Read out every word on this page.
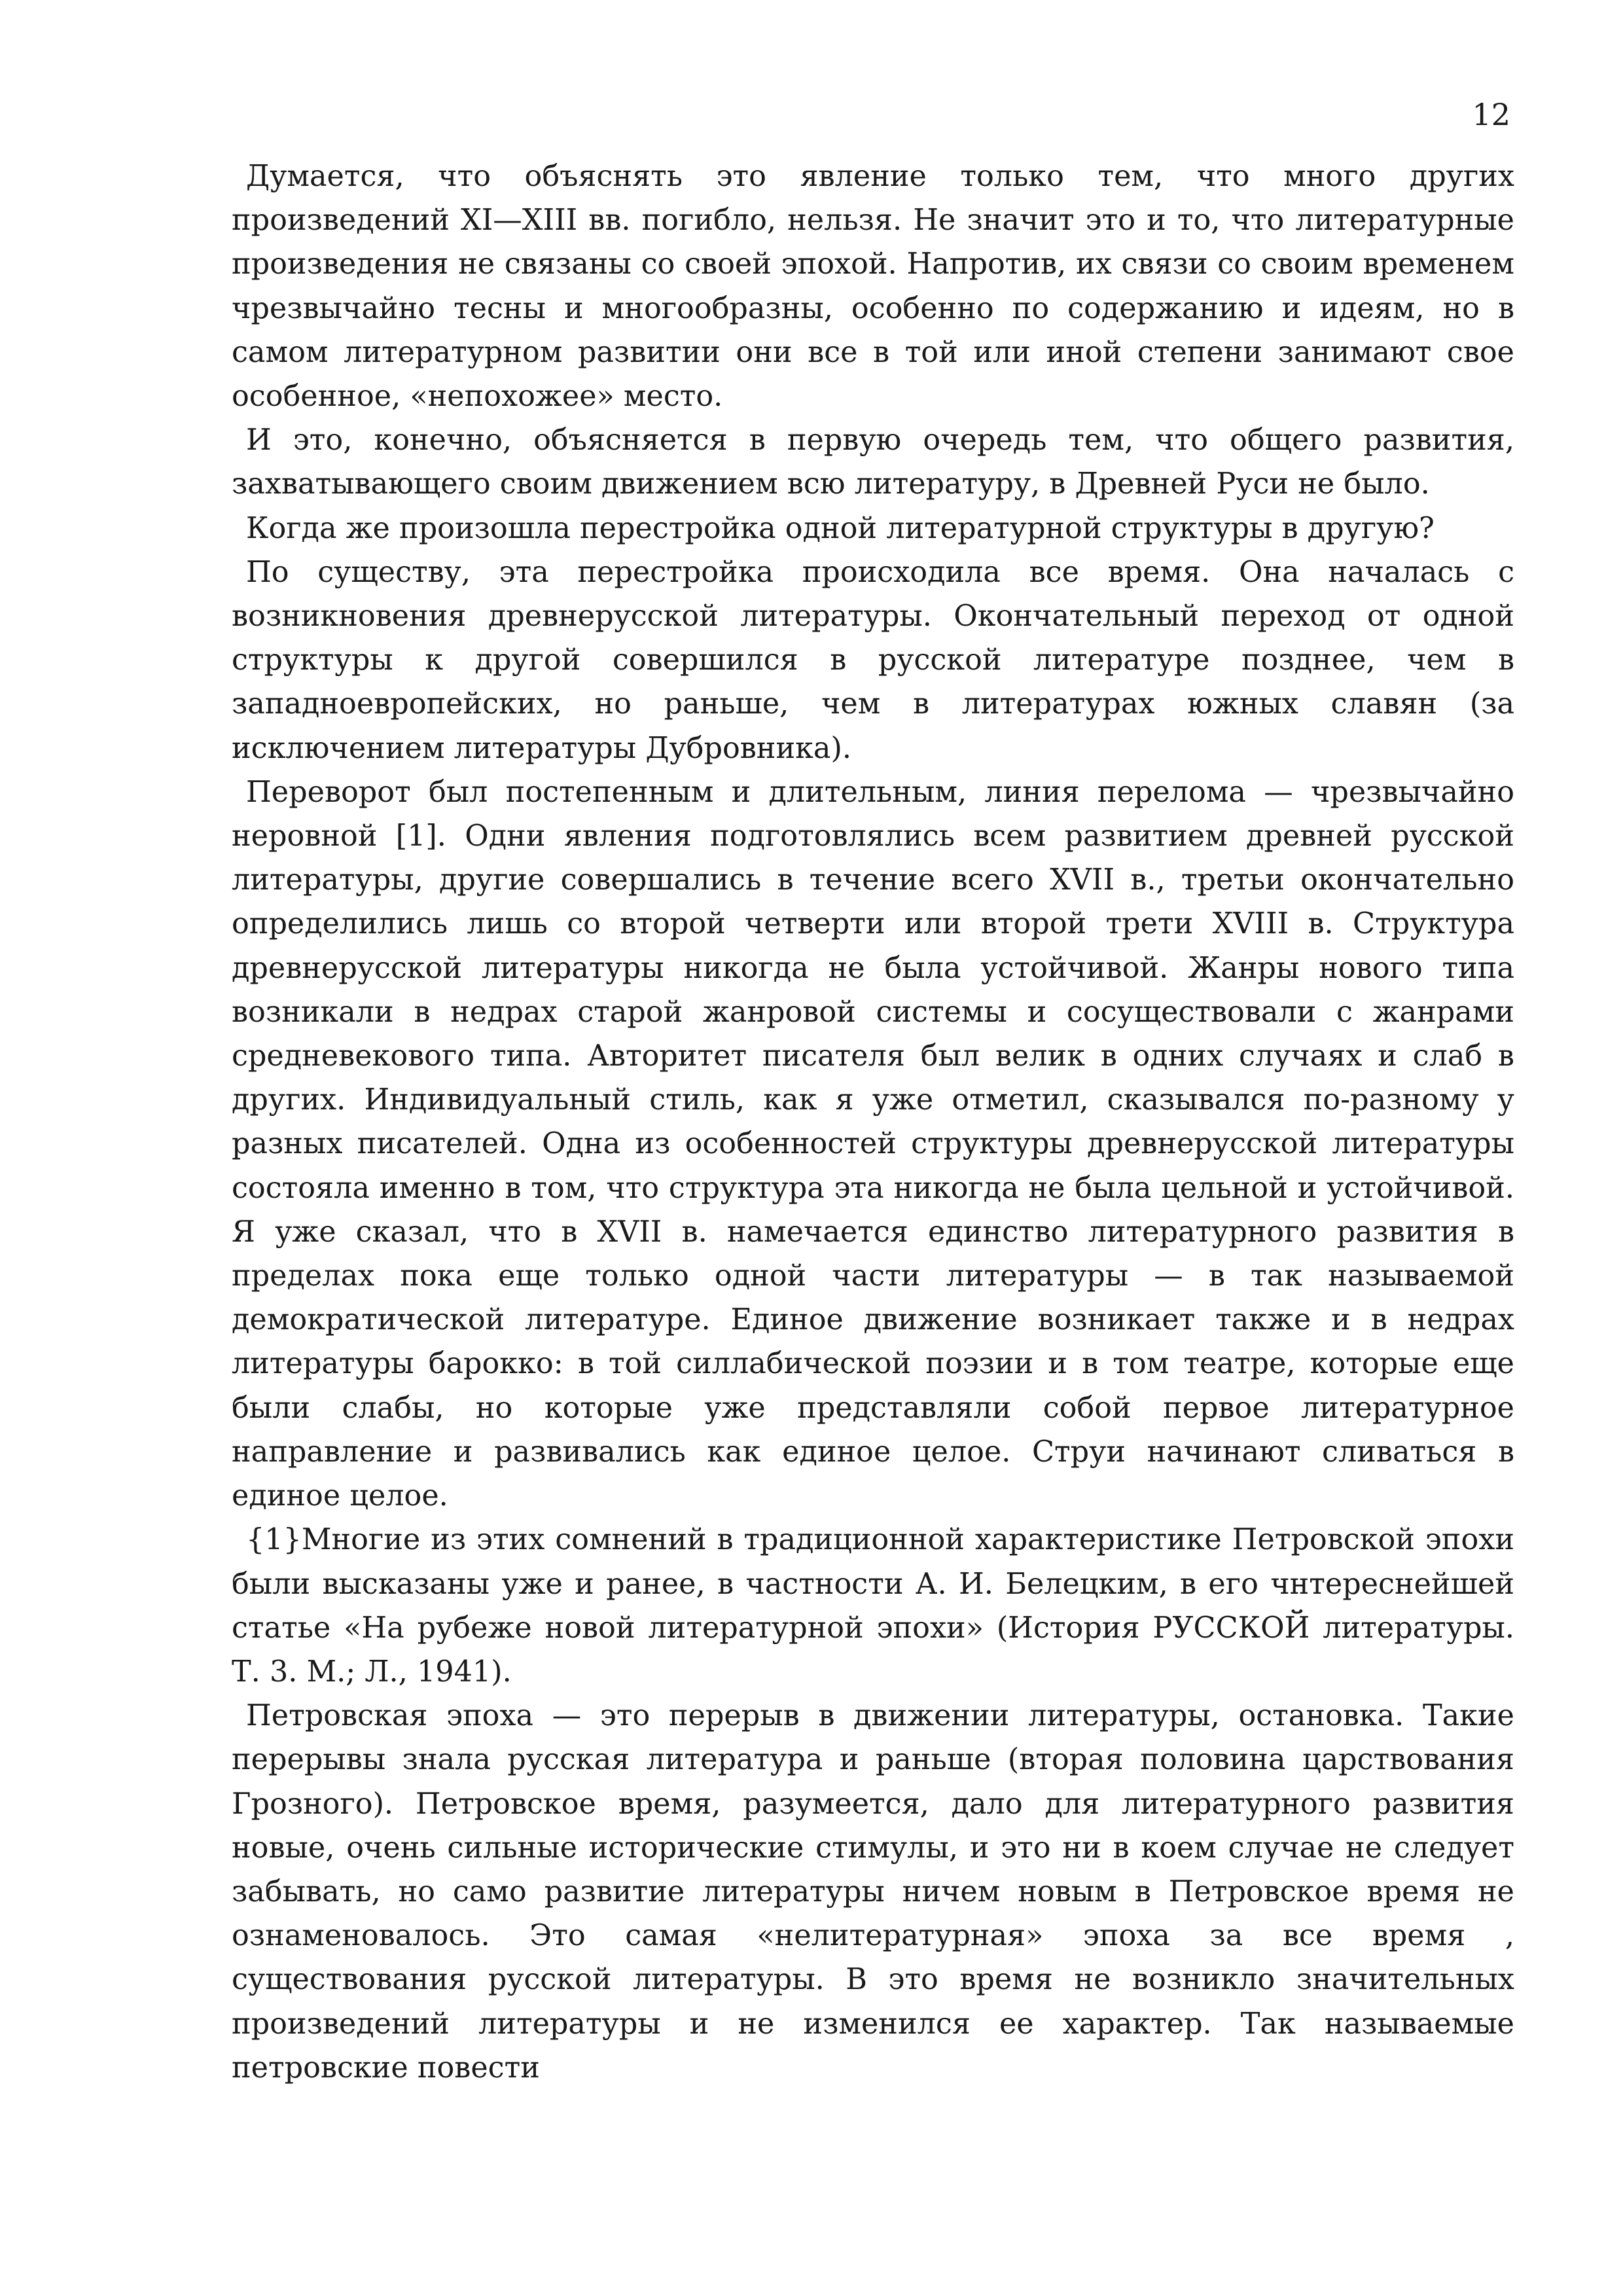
12

Думается, что объяснять это явление только тем, что много других произведений XI—XIII вв. погибло, нельзя. Не значит это и то, что литературные произведения не связаны со своей эпохой. Напротив, их связи со своим временем чрезвычайно тесны и многообразны, особенно по содержанию и идеям, но в самом литературном развитии они все в той или иной степени занимают свое особенное, «непохожее» место.

И это, конечно, объясняется в первую очередь тем, что общего развития, захватывающего своим движением всю литературу, в Древней Руси не было.

Когда же произошла перестройка одной литературной структуры в другую?

По существу, эта перестройка происходила все время. Она началась с возникновения древнерусской литературы. Окончательный переход от одной структуры к другой совершился в русской литературе позднее, чем в западноевропейских, но раньше, чем в литературах южных славян (за исключением литературы Дубровника).

Переворот был постепенным и длительным, линия перелома — чрезвычайно неровной [1]. Одни явления подготовлялись всем развитием древней русской литературы, другие совершались в течение всего XVII в., третьи окончательно определились лишь со второй четверти или второй трети XVIII в. Структура древнерусской литературы никогда не была устойчивой. Жанры нового типа возникали в недрах старой жанровой системы и сосуществовали с жанрами средневекового типа. Авторитет писателя был велик в одних случаях и слаб в других. Индивидуальный стиль, как я уже отметил, сказывался по-разному у разных писателей. Одна из особенностей структуры древнерусской литературы состояла именно в том, что структура эта никогда не была цельной и устойчивой. Я уже сказал, что в XVII в. намечается единство литературного развития в пределах пока еще только одной части литературы — в так называемой демократической литературе. Единое движение возникает также и в недрах литературы барокко: в той силлабической поэзии и в том театре, которые еще были слабы, но которые уже представляли собой первое литературное направление и развивались как единое целое. Струи начинают сливаться в единое целое.

{1}Многие из этих сомнений в традиционной характеристике Петровской эпохи были высказаны уже и ранее, в частности А. И. Белецким, в его чнтереснейшей статье «На рубеже новой литературной эпохи» (История РУССКОЙ литературы. Т. 3. М.; Л., 1941).

Петровская эпоха — это перерыв в движении литературы, остановка. Такие перерывы знала русская литература и раньше (вторая половина царствования Грозного). Петровское время, разумеется, дало для литературного развития новые, очень сильные исторические стимулы, и это ни в коем случае не следует забывать, но само развитие литературы ничем новым в Петровское время не ознаменовалось. Это самая «нелитературная» эпоха за все время , существования русской литературы. В это время не возникло значительных произведений литературы и не изменился ее характер. Так называемые петровские повести
